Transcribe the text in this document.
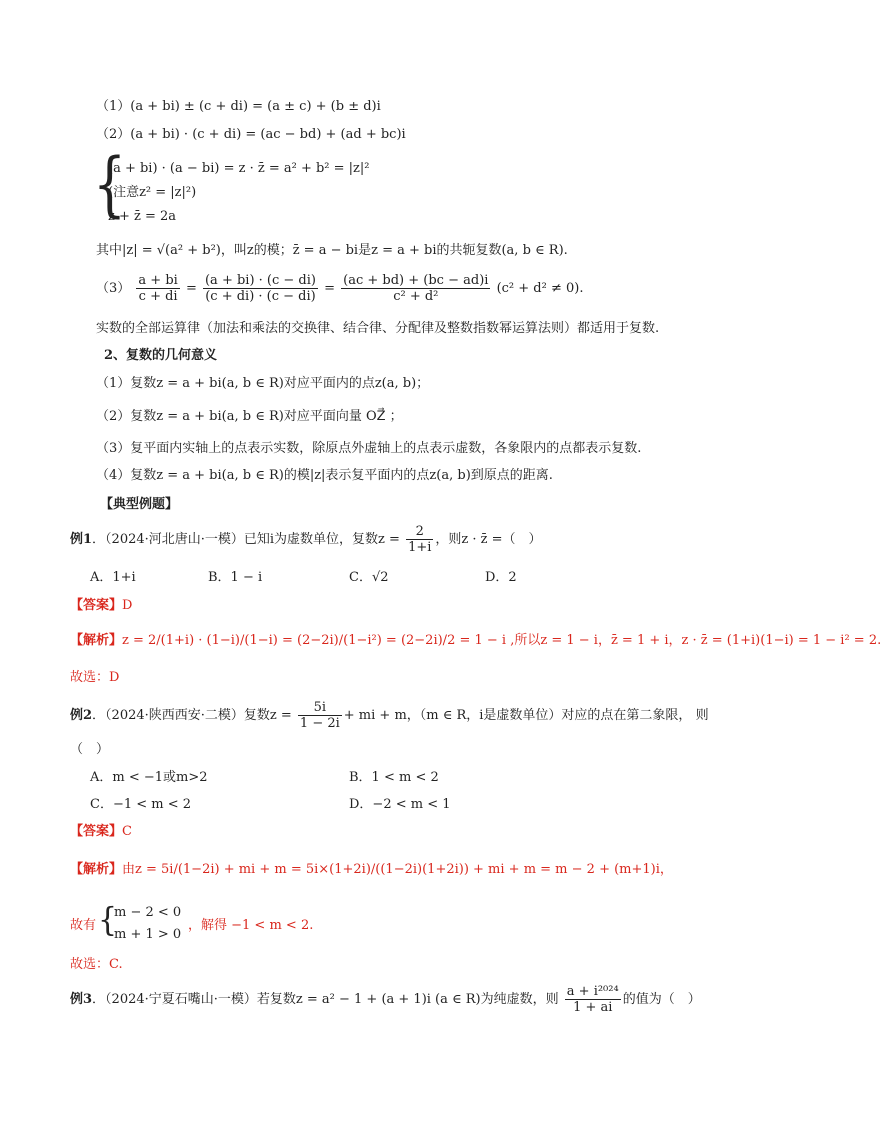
（1）(a + bi) ± (c + di) = (a ± c) + (b ± d)i
（2）(a + bi) · (c + di) = (ac − bd) + (ad + bc)i
{
(a + bi) · (a − bi) = z · z̄ = a² + b² = |z|²
(注意z² = |z|²)
z + z̄ = 2a
其中|z| = √(a² + b²)，叫z的模；z̄ = a − bi是z = a + bi的共轭复数(a, b ∈ R).
$(3) \frac{a + bi}{c + di} = \frac{(a + bi) \cdot (c - di)}{(c + di) \cdot (c - di)} = \frac{(ac + bd) + (bc - ad)i}{\text{c² + d²}} (c^2 + d^2 \ne 0)$.
实数的全部运算律（加法和乘法的交换律、结合律、分配律及整数指数幂运算法则）都适用于复数.
2、复数的几何意义
（1）复数z = a + bi(a, b ∈ R)对应平面内的点z(a, b)；
（2）复数z = a + bi(a, b ∈ R)对应平面向量 OZ⃗ ；
（3）复平面内实轴上的点表示实数，除原点外虚轴上的点表示虚数，各象限内的点都表示复数.
（4）复数z = a + bi(a, b ∈ R)的模|z|表示复平面内的点z(a, b)到原点的距离.
【典型例题】
例1．（2024·河北唐山·一模）已知i为虚数单位，复数$z = \frac{2}{1+i}$ ，则z · z̄ =（　）
A．1+i	B．1 − i	C．√2	D．2
【答案】D
【解析】z = 2/(1+i) · (1−i)/(1−i) = (2−2i)/(1−i²) = (2−2i)/2 = 1 − i ,所以z = 1 − i，z̄ = 1 + i，z · z̄ = (1+i)(1−i) = 1 − i² = 2.
故选：D
例2．（2024·陕西西安·二模）复数$z = \frac{5i}{1 - 2i}$ + mi + m，（m ∈ R，i是虚数单位）对应的点在第二象限， 则
（　）
A．m < −1或m>2	B．1 < m < 2
C．−1 < m < 2	D．−2 < m < 1
【答案】C
【解析】由z = 5i/(1−2i) + mi + m = 5i×(1+2i)/((1−2i)(1+2i)) + mi + m = m − 2 + (m+1)i，
故有 {
m − 2 < 0
m + 1 > 0
，解得 −1 < m < 2.
故选：C.
例3．（2024·宁夏石嘴山·一模）若复数z = a² − 1 + (a + 1)i (a ∈ R)为纯虚数，则 $\frac{\text{a + i²⁰²⁴}}{1 + ai}$ 的值为（　）
